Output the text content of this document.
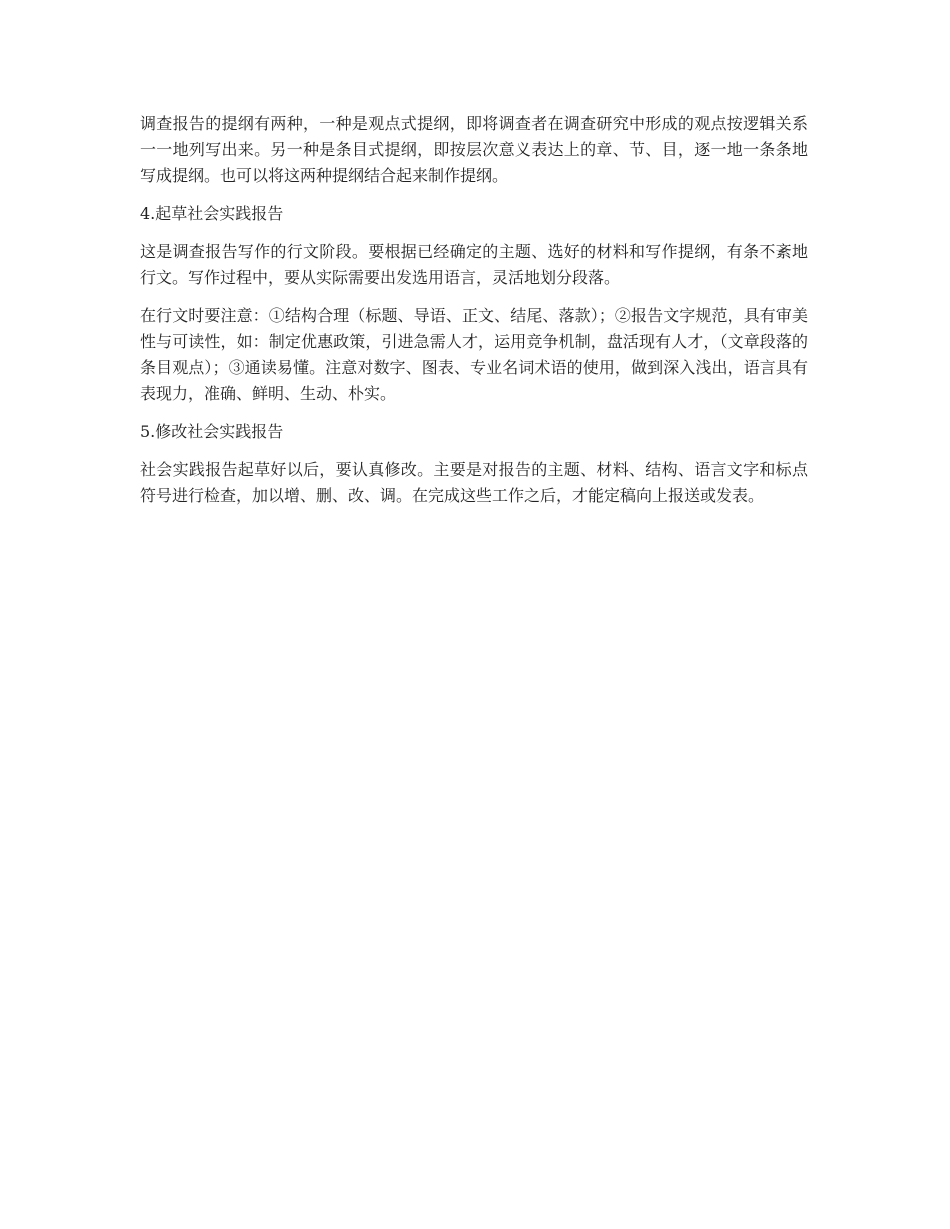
调查报告的提纲有两种，一种是观点式提纲，即将调查者在调查研究中形成的观点按逻辑关系一一地列写出来。另一种是条目式提纲，即按层次意义表达上的章、节、目，逐一地一条条地写成提纲。也可以将这两种提纲结合起来制作提纲。

4.起草社会实践报告

这是调查报告写作的行文阶段。要根据已经确定的主题、选好的材料和写作提纲，有条不紊地行文。写作过程中，要从实际需要出发选用语言，灵活地划分段落。

在行文时要注意：①结构合理（标题、导语、正文、结尾、落款）；②报告文字规范，具有审美性与可读性，如：制定优惠政策，引进急需人才，运用竞争机制，盘活现有人才，（文章段落的条目观点）；③通读易懂。注意对数字、图表、专业名词术语的使用，做到深入浅出，语言具有表现力，准确、鲜明、生动、朴实。

5.修改社会实践报告

社会实践报告起草好以后，要认真修改。主要是对报告的主题、材料、结构、语言文字和标点符号进行检查，加以增、删、改、调。在完成这些工作之后，才能定稿向上报送或发表。
